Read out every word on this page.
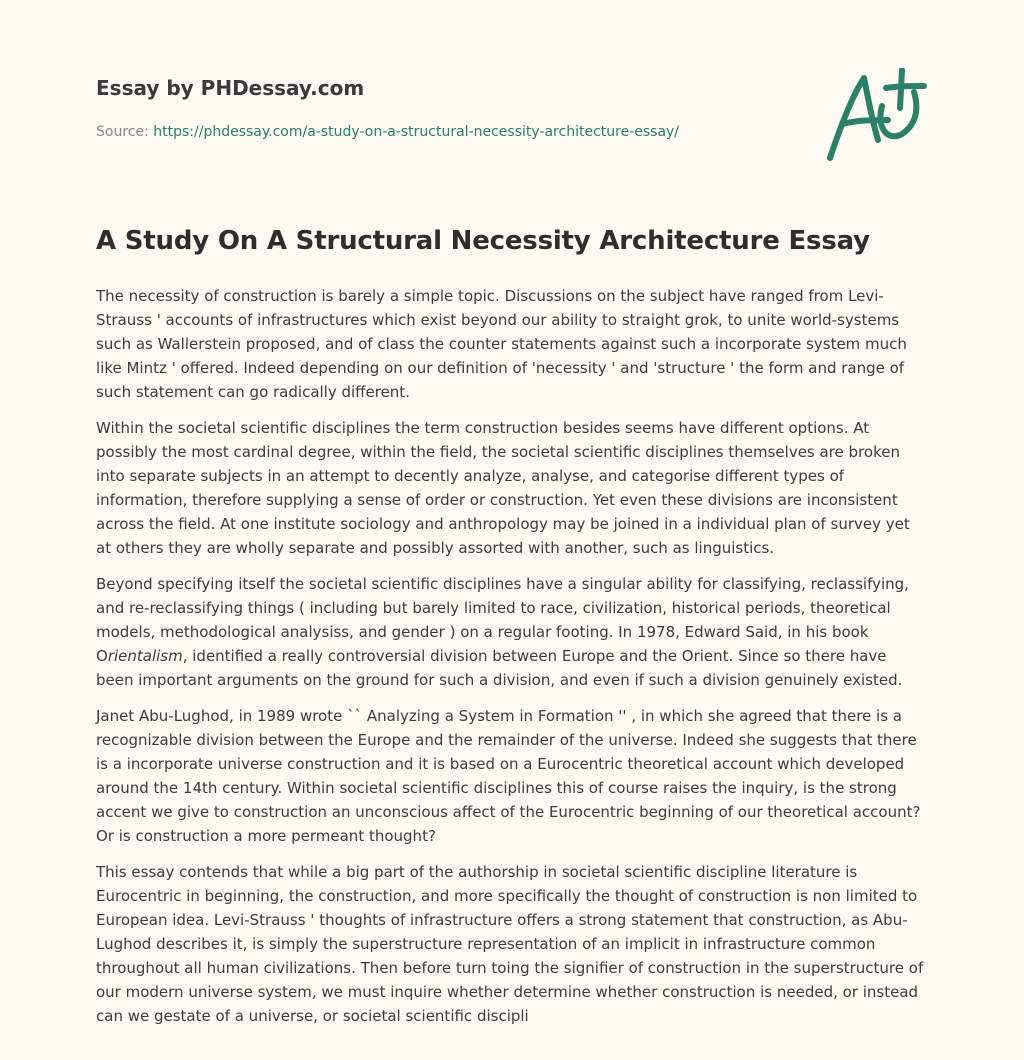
Essay by PHDessay.com

Source: https://phdessay.com/a-study-on-a-structural-necessity-architecture-essay/

A Study On A Structural Necessity Architecture Essay

The necessity of construction is barely a simple topic. Discussions on the subject have ranged from Levi-Strauss ' accounts of infrastructures which exist beyond our ability to straight grok, to unite world-systems such as Wallerstein proposed, and of class the counter statements against such a incorporate system much like Mintz ' offered. Indeed depending on our definition of 'necessity ' and 'structure ' the form and range of such statement can go radically different.

Within the societal scientific disciplines the term construction besides seems have different options. At possibly the most cardinal degree, within the field, the societal scientific disciplines themselves are broken into separate subjects in an attempt to decently analyze, analyse, and categorise different types of information, therefore supplying a sense of order or construction. Yet even these divisions are inconsistent across the field. At one institute sociology and anthropology may be joined in a individual plan of survey yet at others they are wholly separate and possibly assorted with another, such as linguistics.

Beyond specifying itself the societal scientific disciplines have a singular ability for classifying, reclassifying, and re-reclassifying things ( including but barely limited to race, civilization, historical periods, theoretical models, methodological analysiss, and gender ) on a regular footing. In 1978, Edward Said, in his book Orientalism, identified a really controversial division between Europe and the Orient. Since so there have been important arguments on the ground for such a division, and even if such a division genuinely existed.

Janet Abu-Lughod, in 1989 wrote `` Analyzing a System in Formation '' , in which she agreed that there is a recognizable division between the Europe and the remainder of the universe. Indeed she suggests that there is a incorporate universe construction and it is based on a Eurocentric theoretical account which developed around the 14th century. Within societal scientific disciplines this of course raises the inquiry, is the strong accent we give to construction an unconscious affect of the Eurocentric beginning of our theoretical account? Or is construction a more permeant thought?

This essay contends that while a big part of the authorship in societal scientific discipline literature is Eurocentric in beginning, the construction, and more specifically the thought of construction is non limited to European idea. Levi-Strauss ' thoughts of infrastructure offers a strong statement that construction, as Abu-Lughod describes it, is simply the superstructure representation of an implicit in infrastructure common throughout all human civilizations. Then before turn toing the signifier of construction in the superstructure of our modern universe system, we must inquire whether determine whether construction is needed, or instead can we gestate of a universe, or societal scientific discipli
